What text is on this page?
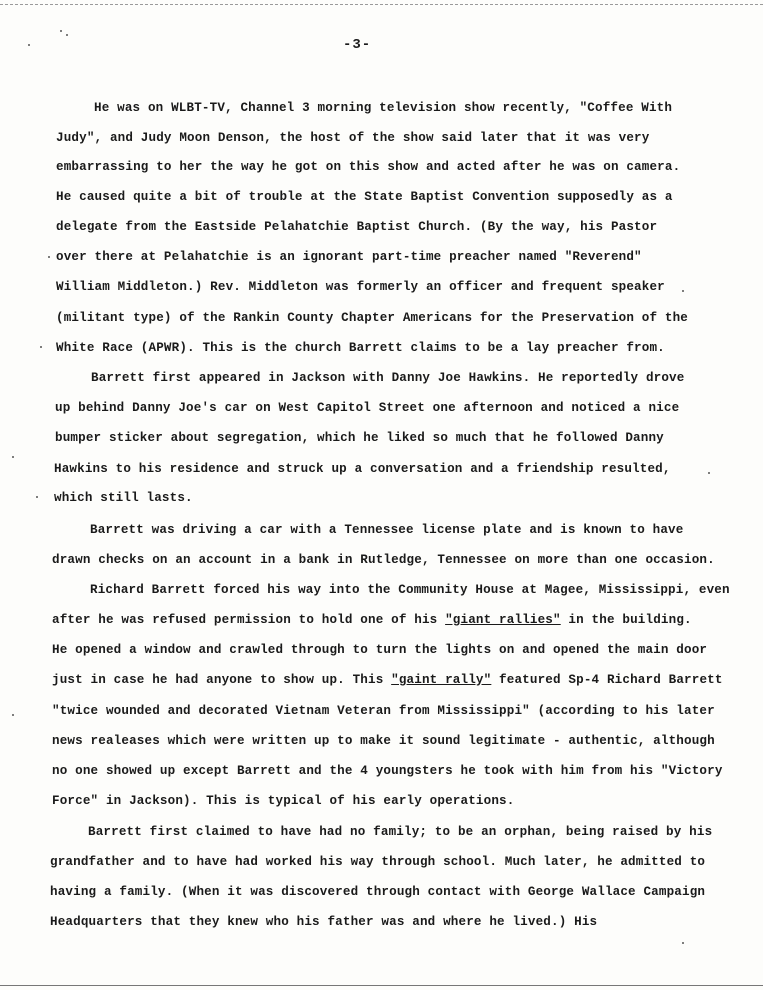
-3-
He was on WLBT-TV, Channel 3 morning television show recently, "Coffee With
Judy", and Judy Moon Denson, the host of the show said later that it was very
embarrassing to her the way he got on this show and acted after he was on camera.
He caused quite a bit of trouble at the State Baptist Convention supposedly as a
delegate from the Eastside Pelahatchie Baptist Church. (By the way, his Pastor
over there at Pelahatchie is an ignorant part-time preacher named "Reverend"
William Middleton.) Rev. Middleton was formerly an officer and frequent speaker
(militant type) of the Rankin County Chapter Americans for the Preservation of the
White Race (APWR). This is the church Barrett claims to be a lay preacher from.
Barrett first appeared in Jackson with Danny Joe Hawkins. He reportedly drove
up behind Danny Joe's car on West Capitol Street one afternoon and noticed a nice
bumper sticker about segregation, which he liked so much that he followed Danny
Hawkins to his residence and struck up a conversation and a friendship resulted,
which still lasts.
Barrett was driving a car with a Tennessee license plate and is known to have
drawn checks on an account in a bank in Rutledge, Tennessee on more than one occasion.
Richard Barrett forced his way into the Community House at Magee, Mississippi, even
after he was refused permission to hold one of his "giant rallies" in the building.
He opened a window and crawled through to turn the lights on and opened the main door
just in case he had anyone to show up. This "gaint rally" featured Sp-4 Richard Barrett
"twice wounded and decorated Vietnam Veteran from Mississippi" (according to his later
news realeases which were written up to make it sound legitimate - authentic, although
no one showed up except Barrett and the 4 youngsters he took with him from his "Victory
Force" in Jackson). This is typical of his early operations.
Barrett first claimed to have had no family; to be an orphan, being raised by his
grandfather and to have had worked his way through school. Much later, he admitted to
having a family. (When it was discovered through contact with George Wallace Campaign
Headquarters that they knew who his father was and where he lived.) His
